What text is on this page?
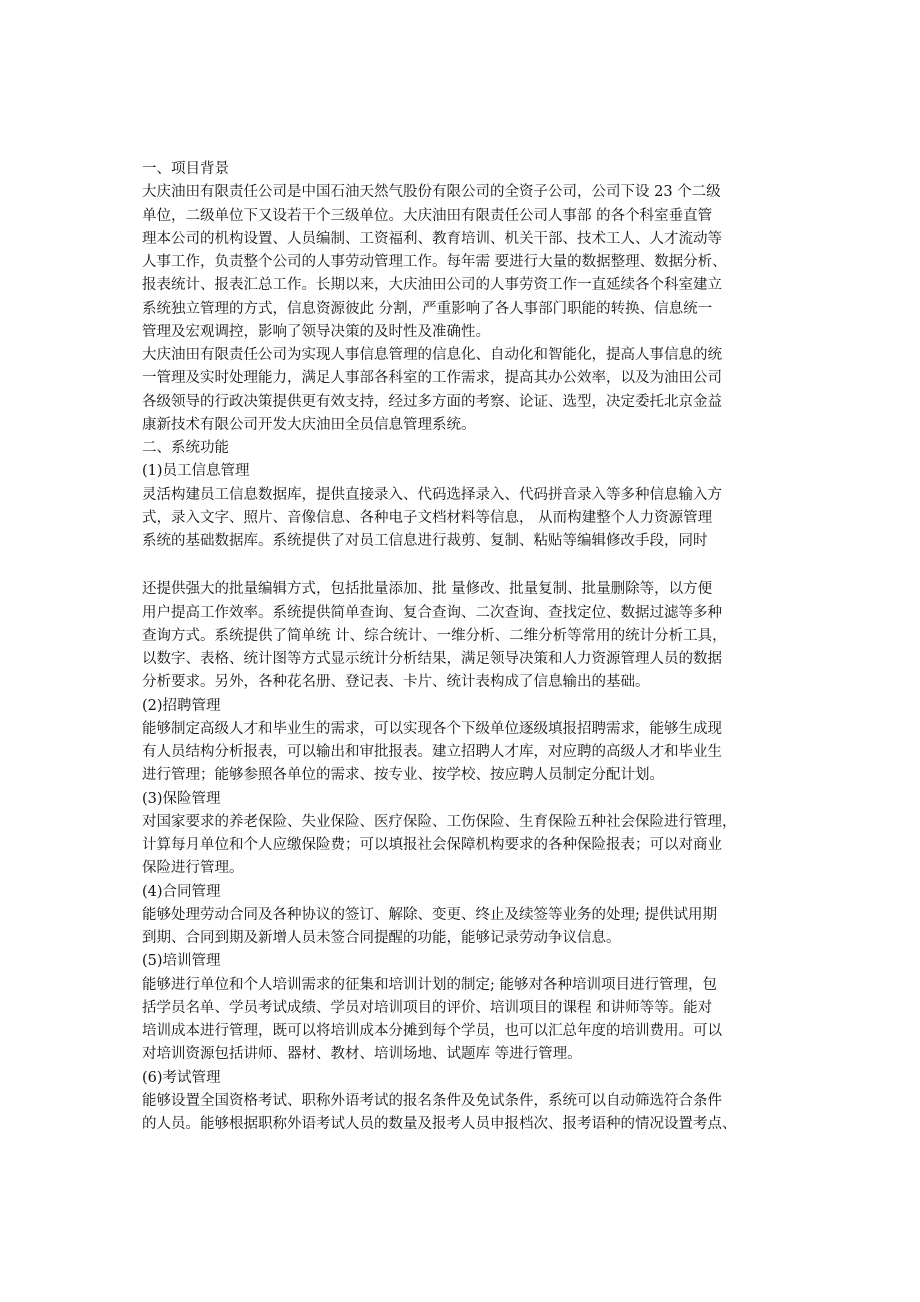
一、项目背景
大庆油田有限责任公司是中国石油天然气股份有限公司的全资子公司，公司下设 23 个二级
单位，二级单位下又设若干个三级单位。大庆油田有限责任公司人事部 的各个科室垂直管
理本公司的机构设置、人员编制、工资福利、教育培训、机关干部、技术工人、人才流动等
人事工作，负责整个公司的人事劳动管理工作。每年需 要进行大量的数据整理、数据分析、
报表统计、报表汇总工作。长期以来，大庆油田公司的人事劳资工作一直延续各个科室建立
系统独立管理的方式，信息资源彼此 分割，严重影响了各人事部门职能的转换、信息统一
管理及宏观调控，影响了领导决策的及时性及准确性。
大庆油田有限责任公司为实现人事信息管理的信息化、自动化和智能化，提高人事信息的统
一管理及实时处理能力，满足人事部各科室的工作需求，提高其办公效率，以及为油田公司
各级领导的行政决策提供更有效支持，经过多方面的考察、论证、选型，决定委托北京金益
康新技术有限公司开发大庆油田全员信息管理系统。
二、系统功能
(1)员工信息管理
灵活构建员工信息数据库，提供直接录入、代码选择录入、代码拼音录入等多种信息输入方
式，录入文字、照片、音像信息、各种电子文档材料等信息， 从而构建整个人力资源管理
系统的基础数据库。系统提供了对员工信息进行裁剪、复制、粘贴等编辑修改手段，同时
还提供强大的批量编辑方式，包括批量添加、批 量修改、批量复制、批量删除等，以方便
用户提高工作效率。系统提供简单查询、复合查询、二次查询、查找定位、数据过滤等多种
查询方式。系统提供了简单统 计、综合统计、一维分析、二维分析等常用的统计分析工具，
以数字、表格、统计图等方式显示统计分析结果，满足领导决策和人力资源管理人员的数据
分析要求。另外，各种花名册、登记表、卡片、统计表构成了信息输出的基础。
(2)招聘管理
能够制定高级人才和毕业生的需求，可以实现各个下级单位逐级填报招聘需求，能够生成现
有人员结构分析报表，可以输出和审批报表。建立招聘人才库，对应聘的高级人才和毕业生
进行管理；能够参照各单位的需求、按专业、按学校、按应聘人员制定分配计划。
(3)保险管理
对国家要求的养老保险、失业保险、医疗保险、工伤保险、生育保险五种社会保险进行管理，
计算每月单位和个人应缴保险费；可以填报社会保障机构要求的各种保险报表；可以对商业
保险进行管理。
(4)合同管理
能够处理劳动合同及各种协议的签订、解除、变更、终止及续签等业务的处理; 提供试用期
到期、合同到期及新增人员未签合同提醒的功能，能够记录劳动争议信息。
(5)培训管理
能够进行单位和个人培训需求的征集和培训计划的制定; 能够对各种培训项目进行管理，包
括学员名单、学员考试成绩、学员对培训项目的评价、培训项目的课程 和讲师等等。能对
培训成本进行管理，既可以将培训成本分摊到每个学员，也可以汇总年度的培训费用。可以
对培训资源包括讲师、器材、教材、培训场地、试题库 等进行管理。
(6)考试管理
能够设置全国资格考试、职称外语考试的报名条件及免试条件，系统可以自动筛选符合条件
的人员。能够根据职称外语考试人员的数量及报考人员申报档次、报考语种的情况设置考点、
